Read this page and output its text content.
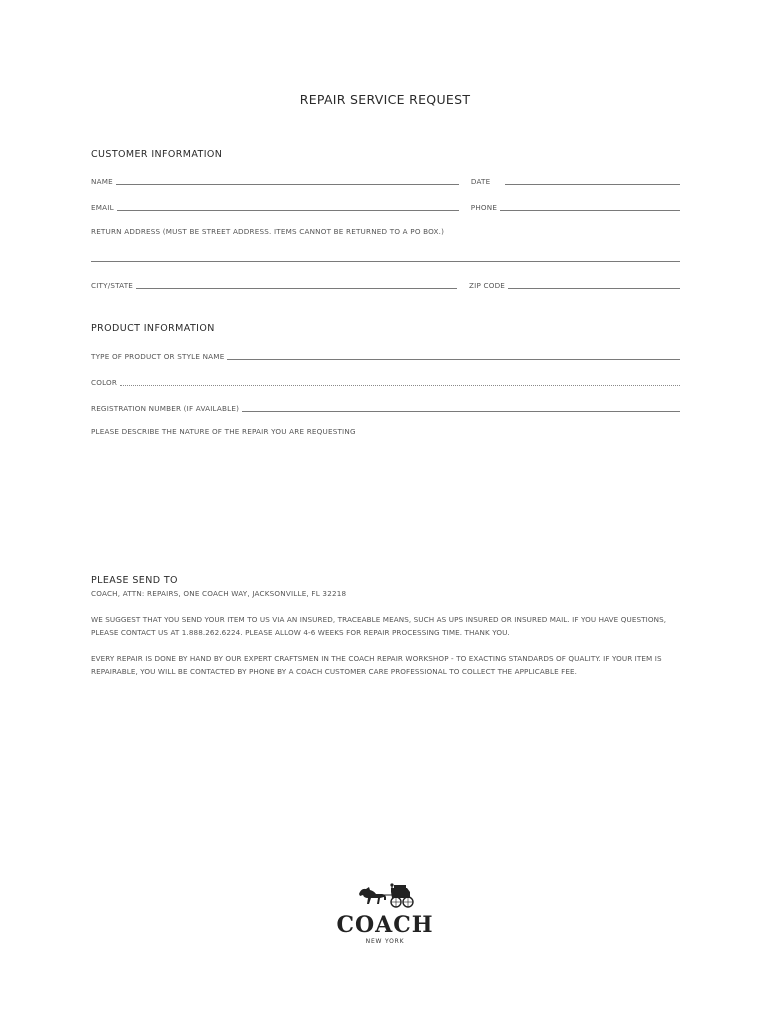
REPAIR SERVICE REQUEST
CUSTOMER INFORMATION
NAME	DATE
EMAIL	PHONE
RETURN ADDRESS (MUST BE STREET ADDRESS. ITEMS CANNOT BE RETURNED TO A PO BOX.)
CITY/STATE	ZIP CODE
PRODUCT INFORMATION
TYPE OF PRODUCT OR STYLE NAME
COLOR
REGISTRATION NUMBER (IF AVAILABLE)
PLEASE DESCRIBE THE NATURE OF THE REPAIR YOU ARE REQUESTING
PLEASE SEND TO
COACH, ATTN: REPAIRS, ONE COACH WAY, JACKSONVILLE, FL 32218
WE SUGGEST THAT YOU SEND YOUR ITEM TO US VIA AN INSURED, TRACEABLE MEANS, SUCH AS UPS INSURED OR INSURED MAIL. IF YOU HAVE QUESTIONS, PLEASE CONTACT US AT 1.888.262.6224. PLEASE ALLOW 4-6 WEEKS FOR REPAIR PROCESSING TIME. THANK YOU.
EVERY REPAIR IS DONE BY HAND BY OUR EXPERT CRAFTSMEN IN THE COACH REPAIR WORKSHOP - TO EXACTING STANDARDS OF QUALITY. IF YOUR ITEM IS REPAIRABLE, YOU WILL BE CONTACTED BY PHONE BY A COACH CUSTOMER CARE PROFESSIONAL TO COLLECT THE APPLICABLE FEE.
COACH
NEW YORK
